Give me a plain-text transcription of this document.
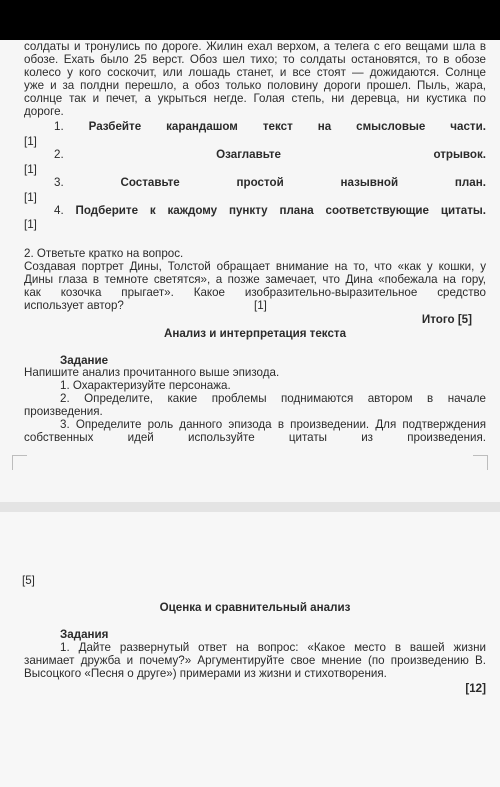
солдаты и тронулись по дороге. Жилин ехал верхом, а телега с его вещами шла в

обозе. Ехать было 25 верст. Обоз шел тихо; то солдаты остановятся, то в обозе

колесо у кого соскочит, или лошадь станет, и все стоят — дожидаются. Солнце

уже и за полдни перешло, а обоз только половину дороги прошел. Пыль, жара,

солнце так и печет, а укрыться негде. Голая степь, ни деревца, ни кустика по

дороге.

1. Разбейте карандашом текст на смысловые части.
[1]
2.	Озаглавьте	отрывок.
[1]
3.	Составьте	простой	назывной	план.
[1]
4. Подберите к каждому пункту плана соответствующие цитаты.
[1]

2. Ответьте кратко на вопрос.

Создавая портрет Дины, Толстой обращает внимание на то, что «как у кошки, у

Дины глаза в темноте светятся», а позже замечает, что Дина «побежала на гору,

как козочка прыгает». Какое изобразительно-выразительное средство

использует автор?	[1]

Итого [5]
Анализ и интерпретация текста
Задание

Напишите анализ прочитанного выше эпизода.

1. Охарактеризуйте персонажа.

2. Определите, какие проблемы поднимаются автором в начале

произведения.

3. Определите роль данного эпизода в произведении. Для подтверждения

собственных идей используйте цитаты из произведения.

[5]
Оценка и сравнительный анализ
Задания

1. Дайте развернутый ответ на вопрос: «Какое место в вашей жизни

занимает дружба и почему?» Аргументируйте свое мнение (по произведению В.

Высоцкого «Песня о друге») примерами из жизни и стихотворения.

[12]
